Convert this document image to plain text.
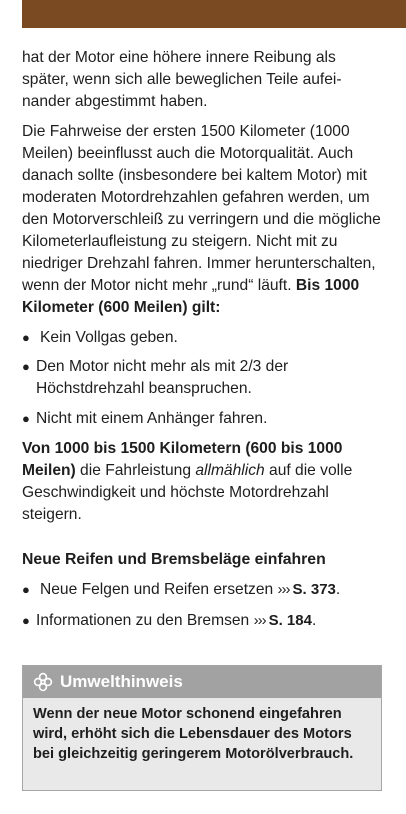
hat der Motor eine höhere innere Reibung als später, wenn sich alle beweglichen Teile aufeinander abgestimmt haben.

Die Fahrweise der ersten 1500 Kilometer (1000 Meilen) beeinflusst auch die Motorqualität. Auch danach sollte (insbesondere bei kaltem Motor) mit moderaten Motordrehzahlen gefahren werden, um den Motorverschleiß zu verringern und die mögliche Kilometerlaufleistung zu steigern. Nicht mit zu niedriger Drehzahl fahren. Immer herunterschalten, wenn der Motor nicht mehr „rund“ läuft. Bis 1000 Kilometer (600 Meilen) gilt:

● Kein Vollgas geben.
● Den Motor nicht mehr als mit 2/3 der Höchstdrehzahl beanspruchen.
● Nicht mit einem Anhänger fahren.

Von 1000 bis 1500 Kilometern (600 bis 1000 Meilen) die Fahrleistung allmählich auf die volle Geschwindigkeit und höchste Motordrehzahl steigern.

Neue Reifen und Bremsbeläge einfahren
● Neue Felgen und Reifen ersetzen ››› S. 373.
● Informationen zu den Bremsen ››› S. 184.
Umwelthinweis
Wenn der neue Motor schonend eingefahren wird, erhöht sich die Lebensdauer des Motors bei gleichzeitig geringerem Motorölverbrauch.
